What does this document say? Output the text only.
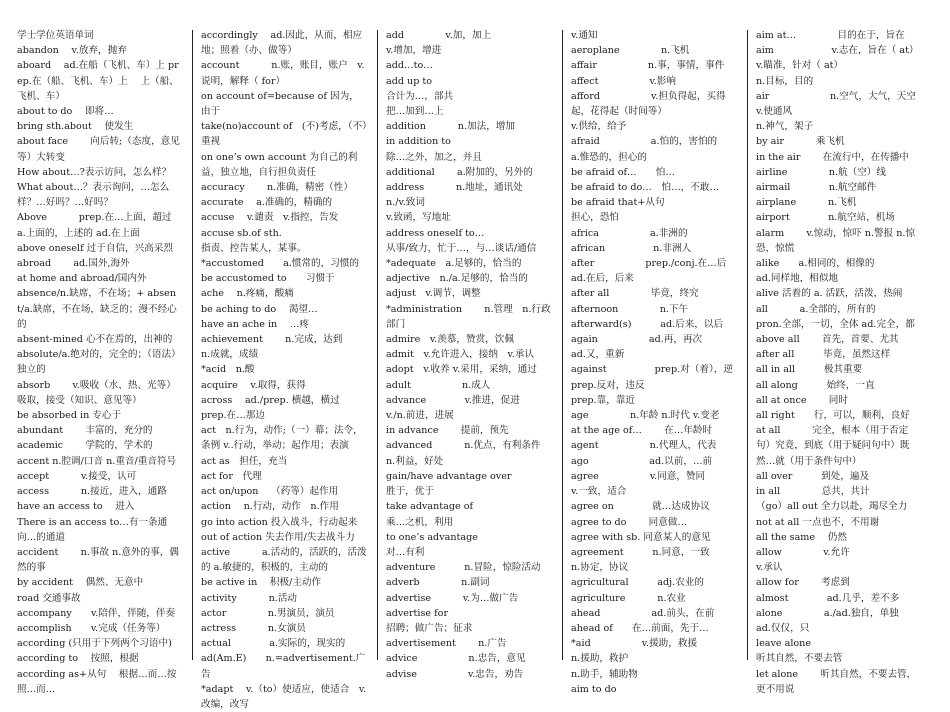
学士学位英语单词

abandon　 v.放弃，抛弃

aboard　 ad.在船（飞机、车）上 prep.在（船、飞机、车）上　 上（船、飞机、车）

about to do　 即将…

bring sth.about　 使发生

about face　　 向后转;（态度，意见等）大转变

How about…?表示访问，怎么样？

What about…？表示询问，…怎么样？…好吗？…好吗？

Above　　　 prep.在…上面，超过 a.上面的，上述的 ad.在上面

above oneself 过于自信，兴高采烈

abroad　　 ad.国外,海外

at home and abroad/国内外

absence/n.缺席，不在场；+ absent/a.缺席，不在场，缺乏的；漫不经心的

absent-mined 心不在焉的，出神的

absolute/a.绝对的，完全的；（语法）独立的

absorb　　 v.吸收（水、热、光等）吸取，接受（知识、意见等）

be absorbed in 专心于

abundant　　 丰富的，充分的

academic　　 学院的，学术的

accent n.腔调/口音 n.重音/重音符号

accept　　　 v.接受，认可

access　　　 n.接近，进入，通路

have an access to　 进入

There is an access to…有一条通向…的通道

accident　　 n.事故 n.意外的事，偶然的事

by accident　 偶然、无意中

road 交通事故

accompany　　v.陪伴，伴随，伴奏

accomplish　　v.完成（任务等）

according (只用于下列两个习语中)

according to　 按照，根据

according as+从句　 根据…而…按照…而…

accordingly　 ad.因此，从而，相应地；照着（办、做等）

account　　　 n.账，账目，账户　v.说明，解释（ for）

on account of=because of 因为，由于

take(no)account of　(不)考虑，（不）重视

on one’s own account 为自己的利益，独立地，自行担负责任

accuracy　　 n.准确，精密（性）

accurate　 a.准确的，精确的

accuse　 v.谴责　v.指控，告发

accuse sb.of sth.

指责、控告某人，某事。

*accustomed　　a.惯常的，习惯的

be accustomed to　　习惯于

ache　 n.疼痛，酸痛

be aching to do　 渴望…

have an ache in　 …疼

achievement　　 n.完成，达到

n.成就，成绩

*acid　n.酸

acquire　 v.取得，获得

across　 ad./prep. 横越，横过

prep.在…那边

act　n.行为，动作;（一）幕；法令，条例 v..行动，举动；起作用；表演

act as　担任，充当

act for　代理

act on/upon　 （药等）起作用

action　 n.行动，动作　n.作用

go into action 投入战斗，行动起来

out of action 失去作用/失去战斗力

active　　　 a.活动的，活跃的，活泼的 a.敏捷的，积极的，主动的

be active in　 积极/主动作

activity　　　 n.活动

actor　　　　 n.男演员，演员

actress　　　 n.女演员

actual　　　　a.实际的，现实的

ad(Am.E)　　n.=advertisement.广告

*adapt　 v.（to）使适应，使适合　v.改编，改写

add　　　　 v.加，加上

v.增加，增进

add…to…

add up to

合计为…，部共

把…加到…上

addition　　　 n.加法，增加

in addition to

除…之外，加之，并且

additional　　 a.附加的，另外的

address　　　 n.地址，通讯处

n./v.致词

v.致函，写地址

address oneself to…

从事/致力，忙于…，与…谈话/通信

*adequate　a.足够的，恰当的

adjective　n./a.足够的，恰当的

adjust　v.调节，调整

*administration　　 n.管理　n.行政部门

admire　v.羡慕，赞赏，饮佩

admit　v.允许进入，接纳　v.承认

adopt　v.收养 v.采用，采纳，通过

adult　　　　　 n.成人

advance　　　　v.推进，促进

v./n.前进，进展

in advance　　 提前，预先

advanced　　　 n.优点，有利条件

n.利益，好处

gain/have advantage over

胜于，优于

take advantage of

乘…之机，利用

to one’s advantage

对…有利

adventure　　　n.冒险，惊险活动

adverb　　　　 n.副词

advertise　　　 v.为…做广告

advertise for

招聘；做广告；征求

advertisement　　 n.广告

advice　　　　　 n.忠告，意见

advise　　　　　 v.忠告，劝告

v.通知

aeroplane　　　　 n.飞机

affair　　　　　 n.事，事情，事件

affect　　　　　 v.影响

afford　　　　　 v.担负得起，买得起，花得起（时间等）

v.供给，给予

afraid　　　　　 a.怕的，害怕的

a.惟恐的，担心的

be afraid of…　　怕…

be afraid to do…　怕…，不敢…

be afraid that+从句

担心，恐怕

africa　　　　　 a.非洲的

african　　　　　n.非洲人

after　　　　　 prep./conj.在…后

ad.在后，后来

after all　　　　 毕竟，终究

afternoon　　　　 n.下午

afterward(s)　　　ad.后来，以后

again　　　　　 ad.再，再次

ad.又，重新

against　　　　　prep.对（着），逆

prep.反对，违反

prep.靠，靠近

age　　　　 n.年龄 n.时代 v.变老

at the age of…　　 在…年龄时

agent　　　　　 n.代理人，代表

ago　　　　　　 ad.以前，…前

agree　　　　　 v.同意，赞同

v.一致，适合

agree on　　　　就…达成协议

agree to do　　 同意做…

agree with sb. 同意某人的意见

agreement　　　n.同意，一致

n.协定，协议

agricultural　　　adj.农业的

agriculture　　　 n.农业

ahead　　　　　 ad.前头，在前

ahead of　　在…前面，先于…

*aid　　　　　 v.援助，救援

n.援助，救护

n.助手，辅助物

aim to do

aim at…　　　　 目的在于，旨在

aim　　　　　　v.志在，旨在（ at）

v.瞄准，针对（ at）

n.目标，目的

air　　　　　　 n.空气，大气，天空

v.使通风

n.神气，架子

by air　　　 乘飞机

in the air　　 在流行中，在传播中

airline　　　　 n.航（空）线

airmail　　　　n.航空邮件

airplane　　　 n.飞机

airport　　　　n.航空站，机场

alarm　　 v.惊动，惊吓 n.警报 n.惊恐，惊慌

alike　　a.相同的，相像的

ad.同样地，相似地

alive 活着的 a. 活跃，活泼，热闹

all　　　 a.全部的，所有的

pron.全部，一切，全体 ad.完全，都

above all　　 首先，首要、尤其

after all　　　毕竟，虽然这样

all in all　　　极其重要

all along　　　始终，一直

all at once　　 同时

all right　　行，可以，顺利，良好

at all　　　 完全，根本（用于否定句）究竟，到底（用于疑问句中）既然…就（用于条件句中）

all over　　　到处，遍及

in all　　　　 总共，共计

（go）all out 全力以赴，竭尽全力

not at all 一点也不，不用谢

all the same　 仍然

allow　　　　 v.允许

v.承认

allow for　　 考虑到

almost　　　　ad.几乎，差不多

alone　　　　 a./ad.独自，单独

ad.仅仅，只

leave alone

听其自然，不要去管

let alone　　 听其自然，不要去管，更不用说
